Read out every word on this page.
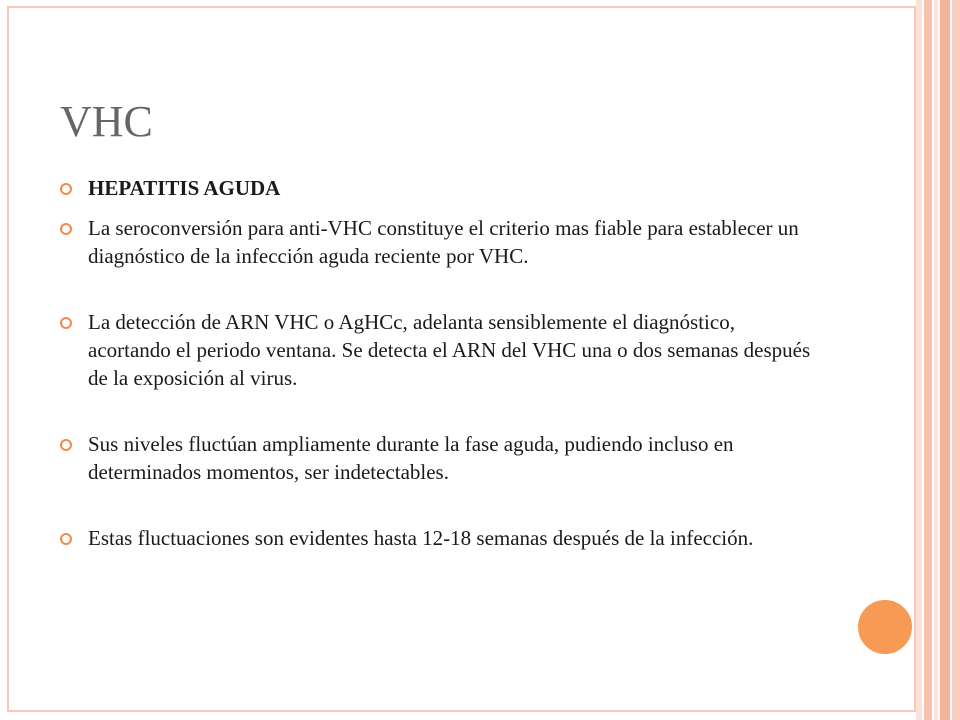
VHC

HEPATITIS AGUDA

La seroconversión para anti-VHC constituye el criterio mas fiable para establecer un diagnóstico de la infección aguda reciente por VHC.

La detección de ARN VHC o AgHCc, adelanta sensiblemente el diagnóstico, acortando el periodo ventana. Se detecta el ARN del VHC una o dos semanas después de la exposición al virus.

Sus niveles fluctúan ampliamente durante la fase aguda, pudiendo incluso en determinados momentos, ser indetectables.

Estas fluctuaciones son evidentes hasta 12-18 semanas después de la infección.
